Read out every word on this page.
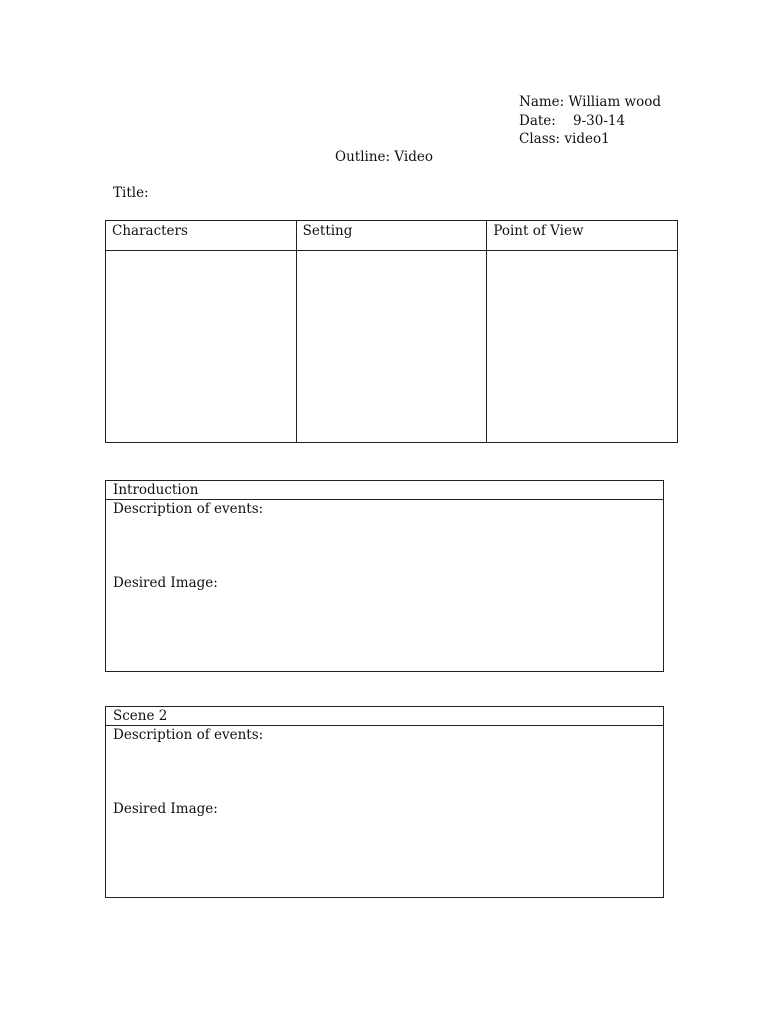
Name: William wood
Date:    9-30-14
Class: video1
Outline: Video
Title:
Characters	Setting	Point of View

Introduction
Description of events:
Desired Image:
Scene 2
Description of events:
Desired Image:
